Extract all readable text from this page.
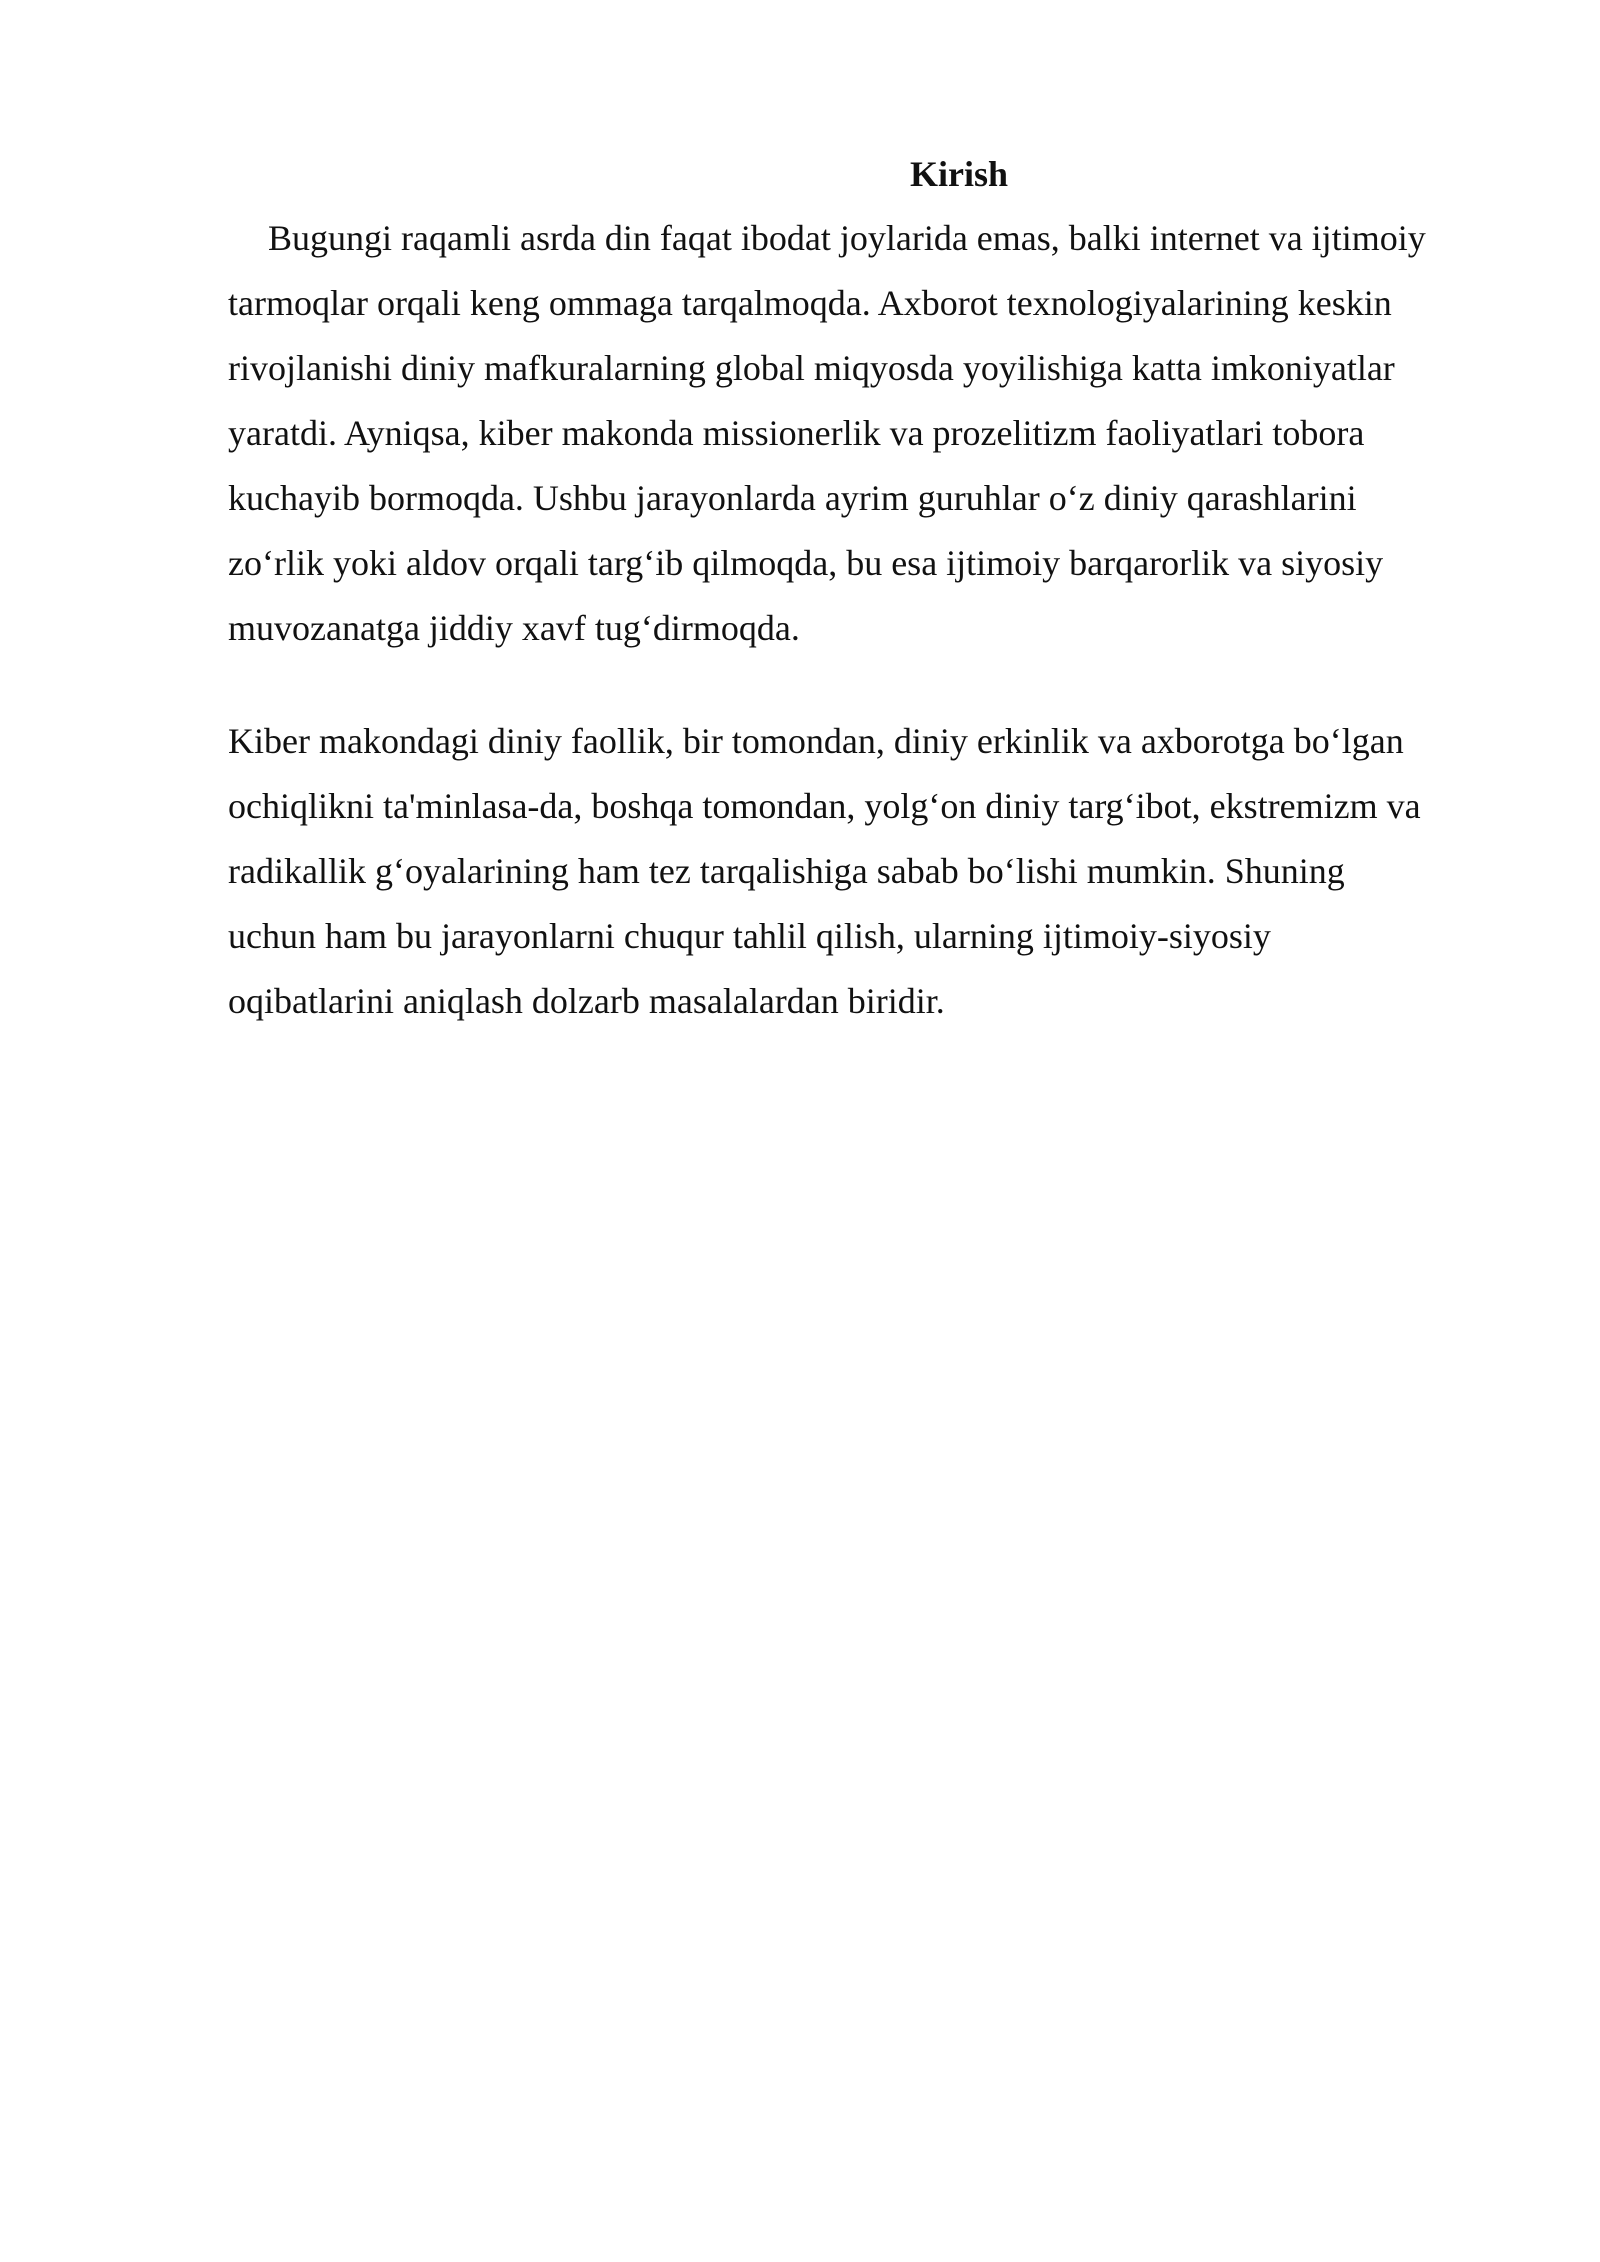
Kirish
Bugungi raqamli asrda din faqat ibodat joylarida emas, balki internet va ijtimoiy
tarmoqlar orqali keng ommaga tarqalmoqda. Axborot texnologiyalarining keskin
rivojlanishi diniy mafkuralarning global miqyosda yoyilishiga katta imkoniyatlar
yaratdi. Ayniqsa, kiber makonda missionerlik va prozelitizm faoliyatlari tobora
kuchayib bormoqda. Ushbu jarayonlarda ayrim guruhlar o‘z diniy qarashlarini
zo‘rlik yoki aldov orqali targ‘ib qilmoqda, bu esa ijtimoiy barqarorlik va siyosiy
muvozanatga jiddiy xavf tug‘dirmoqda.
Kiber makondagi diniy faollik, bir tomondan, diniy erkinlik va axborotga bo‘lgan
ochiqlikni ta'minlasa-da, boshqa tomondan, yolg‘on diniy targ‘ibot, ekstremizm va
radikallik g‘oyalarining ham tez tarqalishiga sabab bo‘lishi mumkin. Shuning
uchun ham bu jarayonlarni chuqur tahlil qilish, ularning ijtimoiy-siyosiy
oqibatlarini aniqlash dolzarb masalalardan biridir.
